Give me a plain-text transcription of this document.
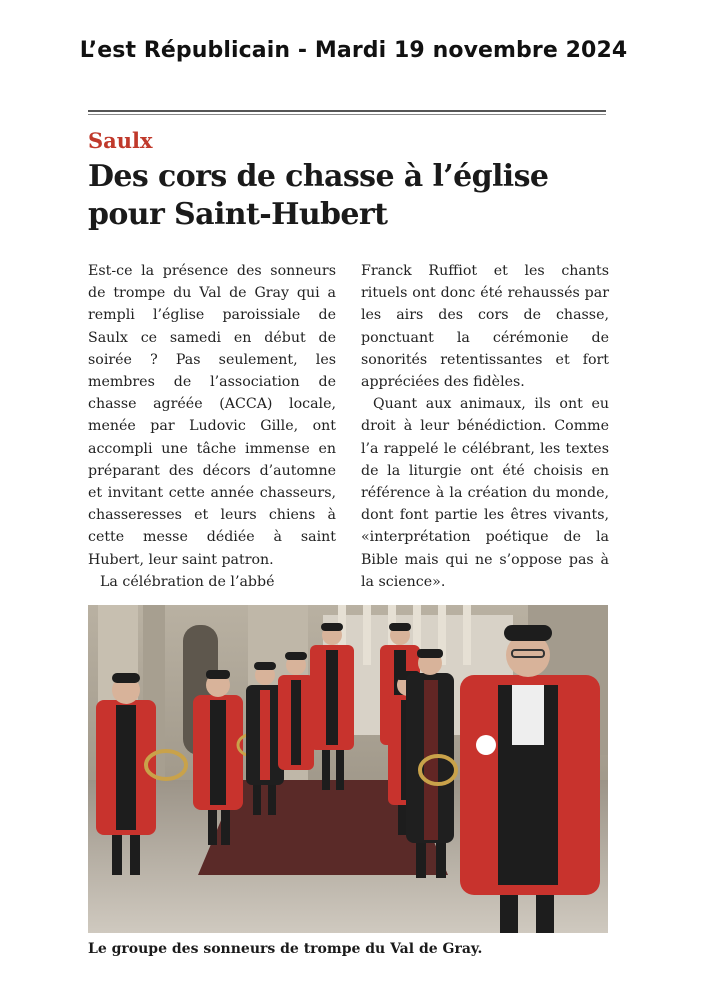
L’est Républicain - Mardi 19 novembre 2024
Saulx
Des cors de chasse à l’église
pour Saint-Hubert

Est-ce la présence des sonneurs de trompe du Val de Gray qui a rempli l’église paroissiale de Saulx ce samedi en début de soirée ? Pas seulement, les membres de l’association de chasse agréée (ACCA) locale, menée par Ludovic Gille, ont accompli une tâche immense en préparant des décors d’automne et invitant cette année chasseurs, chasseresses et leurs chiens à cette messe dédiée à saint Hubert, leur saint patron.

La célébration de l’abbé

Franck Ruffiot et les chants rituels ont donc été rehaussés par les airs des cors de chasse, ponctuant la cérémonie de sonorités retentissantes et fort appréciées des fidèles.

Quant aux animaux, ils ont eu droit à leur bénédiction. Comme l’a rappelé le célébrant, les textes de la liturgie ont été choisis en référence à la création du monde, dont font partie les êtres vivants, «interprétation poétique de la Bible mais qui ne s’oppose pas à la science».

Le groupe des sonneurs de trompe du Val de Gray.
